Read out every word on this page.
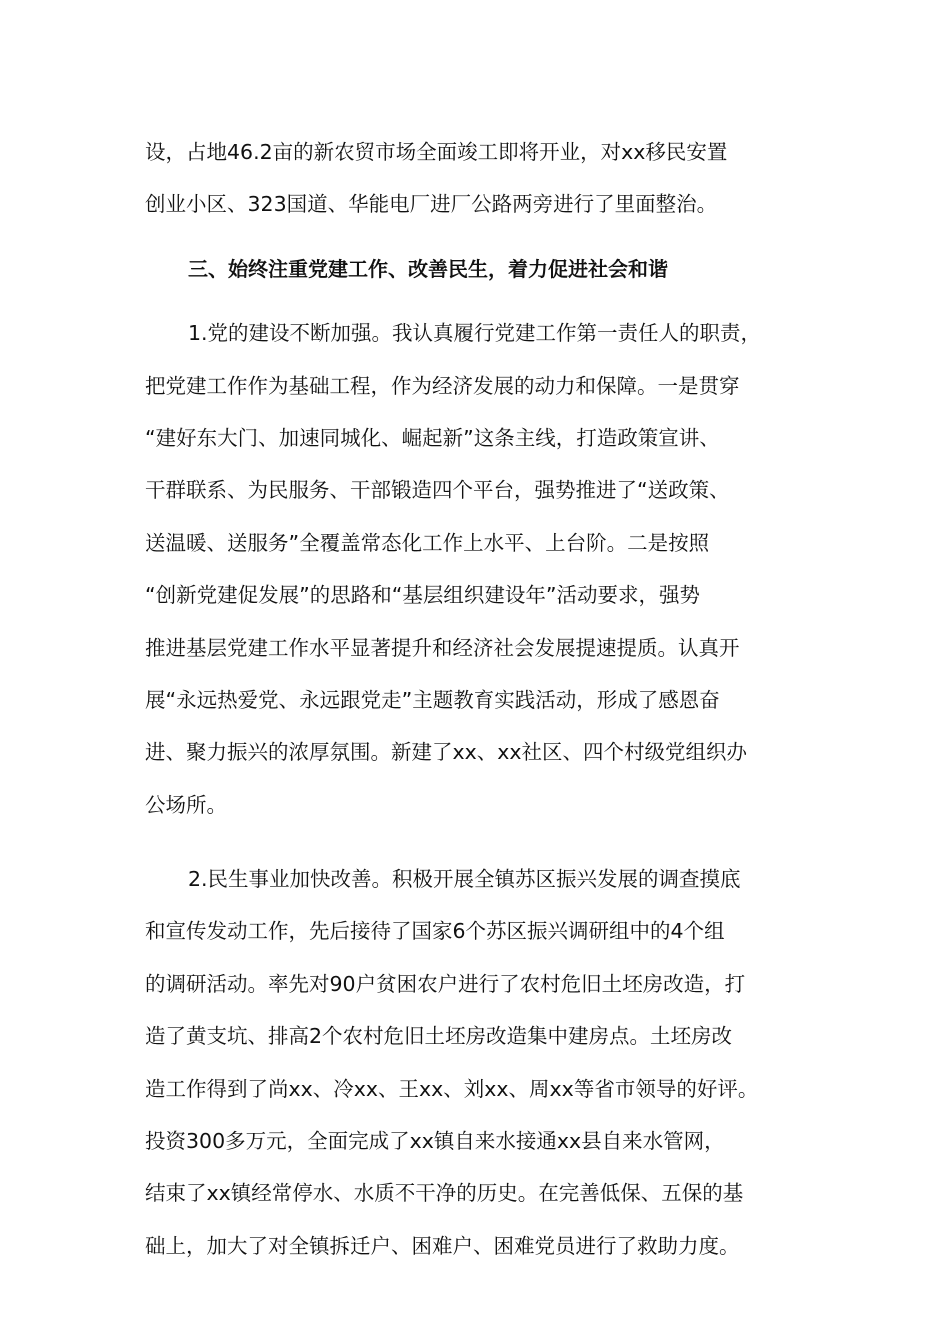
设，占地46.2亩的新农贸市场全面竣工即将开业，对xx移民安置
创业小区、323国道、华能电厂进厂公路两旁进行了里面整治。
三、始终注重党建工作、改善民生，着力促进社会和谐
1.党的建设不断加强。我认真履行党建工作第一责任人的职责，
把党建工作作为基础工程，作为经济发展的动力和保障。一是贯穿
“建好东大门、加速同城化、崛起新”这条主线，打造政策宣讲、
干群联系、为民服务、干部锻造四个平台，强势推进了“送政策、
送温暖、送服务”全覆盖常态化工作上水平、上台阶。二是按照
“创新党建促发展”的思路和“基层组织建设年”活动要求，强势
推进基层党建工作水平显著提升和经济社会发展提速提质。认真开
展“永远热爱党、永远跟党走”主题教育实践活动，形成了感恩奋
进、聚力振兴的浓厚氛围。新建了xx、xx社区、四个村级党组织办
公场所。
2.民生事业加快改善。积极开展全镇苏区振兴发展的调查摸底
和宣传发动工作，先后接待了国家6个苏区振兴调研组中的4个组
的调研活动。率先对90户贫困农户进行了农村危旧土坯房改造，打
造了黄支坑、排高2个农村危旧土坯房改造集中建房点。土坯房改
造工作得到了尚xx、冷xx、王xx、刘xx、周xx等省市领导的好评。
投资300多万元，全面完成了xx镇自来水接通xx县自来水管网，
结束了xx镇经常停水、水质不干净的历史。在完善低保、五保的基
础上，加大了对全镇拆迁户、困难户、困难党员进行了救助力度。
